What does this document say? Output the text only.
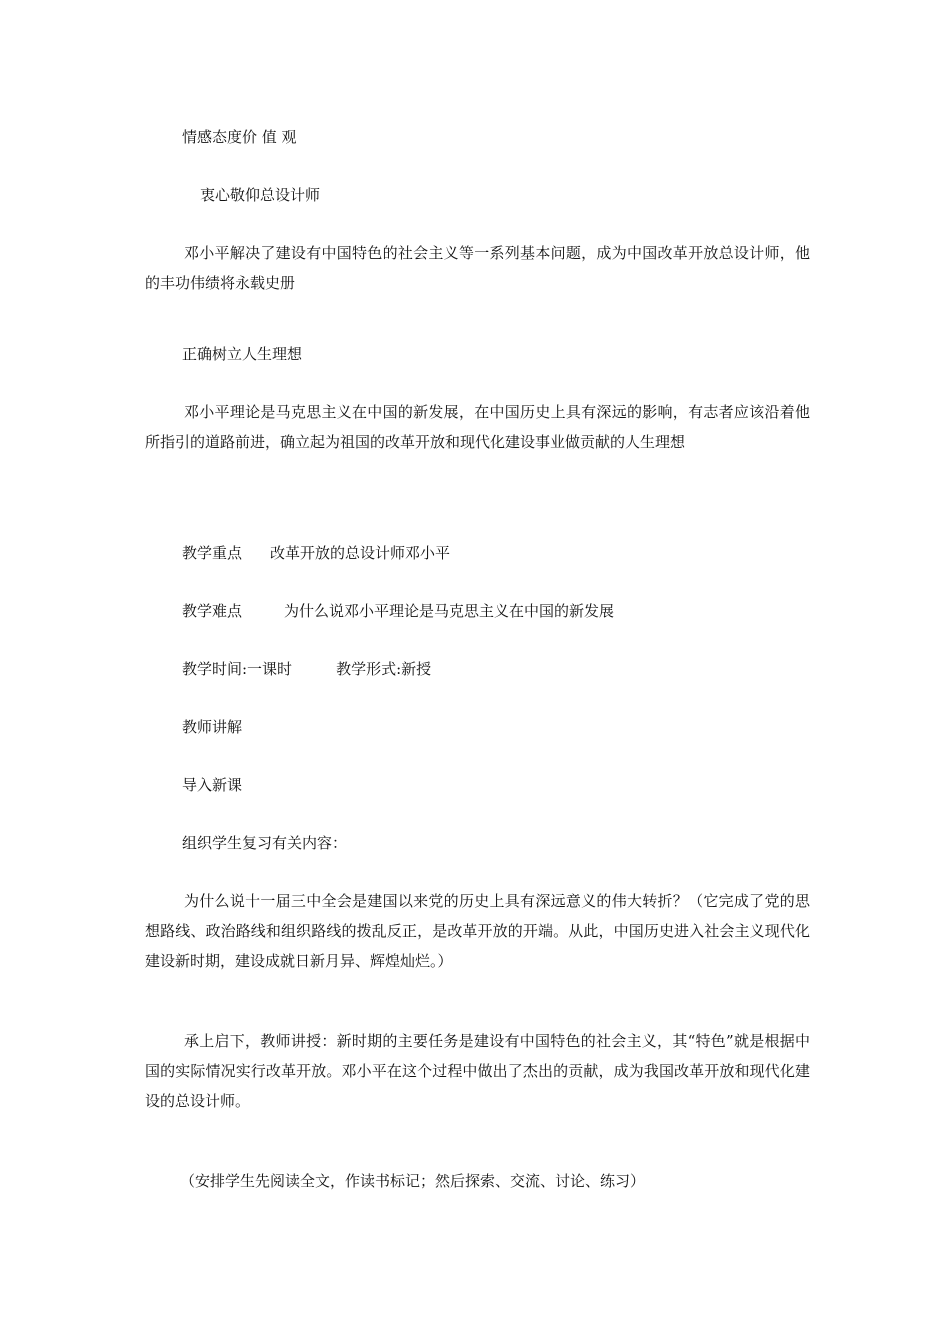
情感态度价 值 观
衷心敬仰总设计师
邓小平解决了建设有中国特色的社会主义等一系列基本问题，成为中国改革开放总设计师，他的丰功伟绩将永载史册
正确树立人生理想
邓小平理论是马克思主义在中国的新发展，在中国历史上具有深远的影响，有志者应该沿着他所指引的道路前进，确立起为祖国的改革开放和现代化建设事业做贡献的人生理想
教学重点 改革开放的总设计师邓小平
教学难点	为什么说邓小平理论是马克思主义在中国的新发展
教学时间:一课时	教学形式:新授
教师讲解
导入新课
组织学生复习有关内容：
为什么说十一届三中全会是建国以来党的历史上具有深远意义的伟大转折？（它完成了党的思想路线、政治路线和组织路线的拨乱反正，是改革开放的开端。从此，中国历史进入社会主义现代化建设新时期，建设成就日新月异、辉煌灿烂。）
承上启下，教师讲授：新时期的主要任务是建设有中国特色的社会主义，其“特色”就是根据中国的实际情况实行改革开放。邓小平在这个过程中做出了杰出的贡献，成为我国改革开放和现代化建设的总设计师。
（安排学生先阅读全文，作读书标记；然后探索、交流、讨论、练习）
